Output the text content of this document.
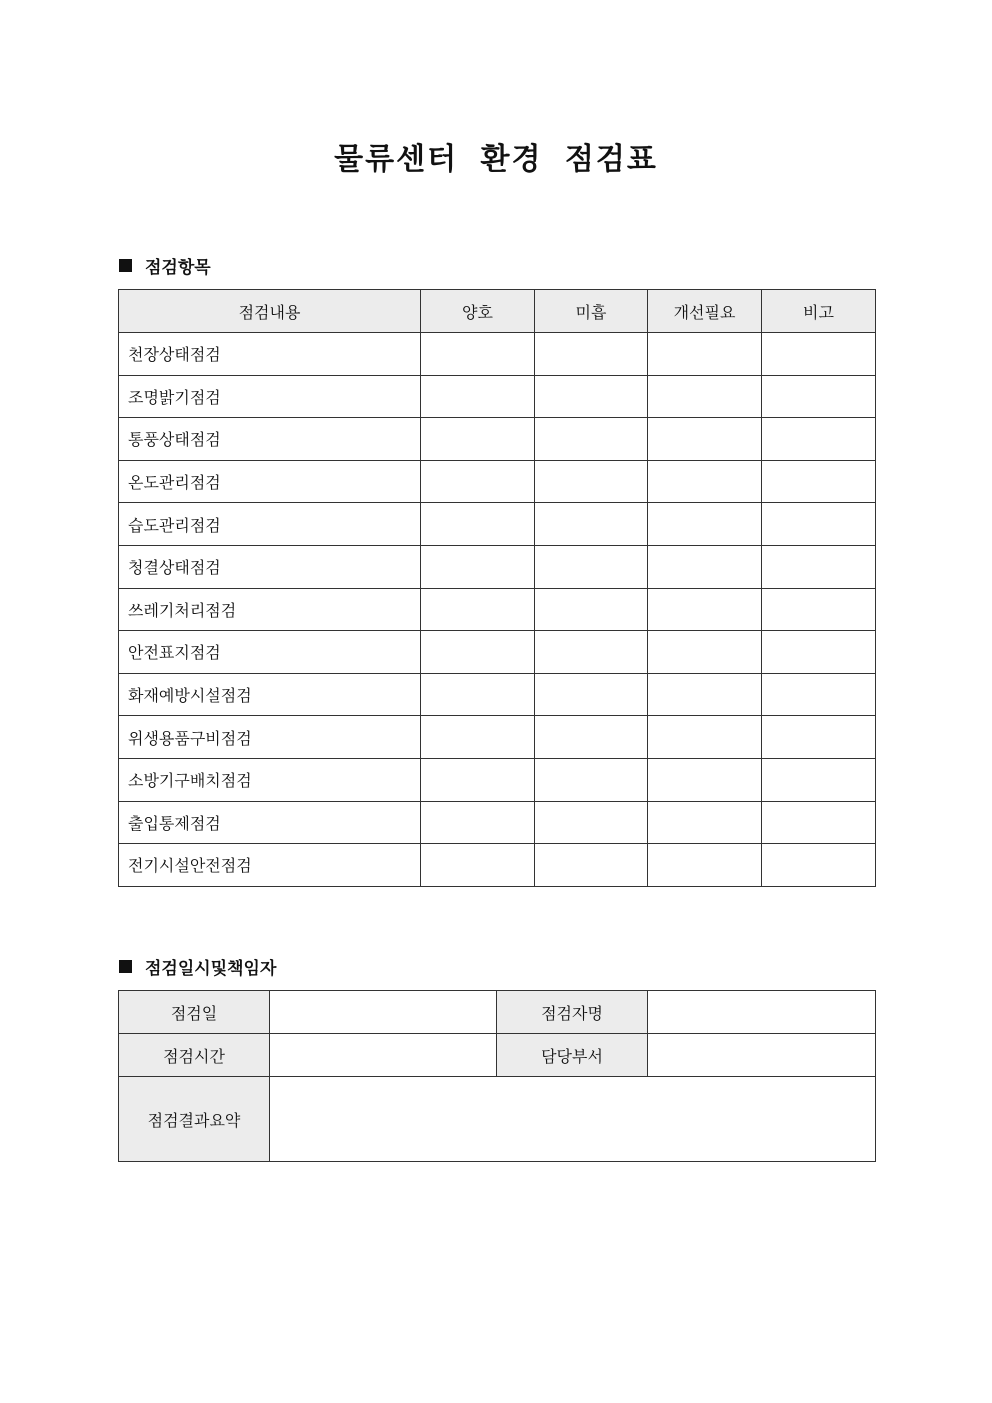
물류센터 환경 점검표
점검항목
점검내용	양호	미흡	개선필요	비고
천장상태점검				
조명밝기점검				
통풍상태점검				
온도관리점검				
습도관리점검				
청결상태점검				
쓰레기처리점검				
안전표지점검				
화재예방시설점검				
위생용품구비점검				
소방기구배치점검				
출입통제점검				
전기시설안전점검				
점검일시및책임자
점검일		점검자명	
점검시간		담당부서	
점검결과요약			
